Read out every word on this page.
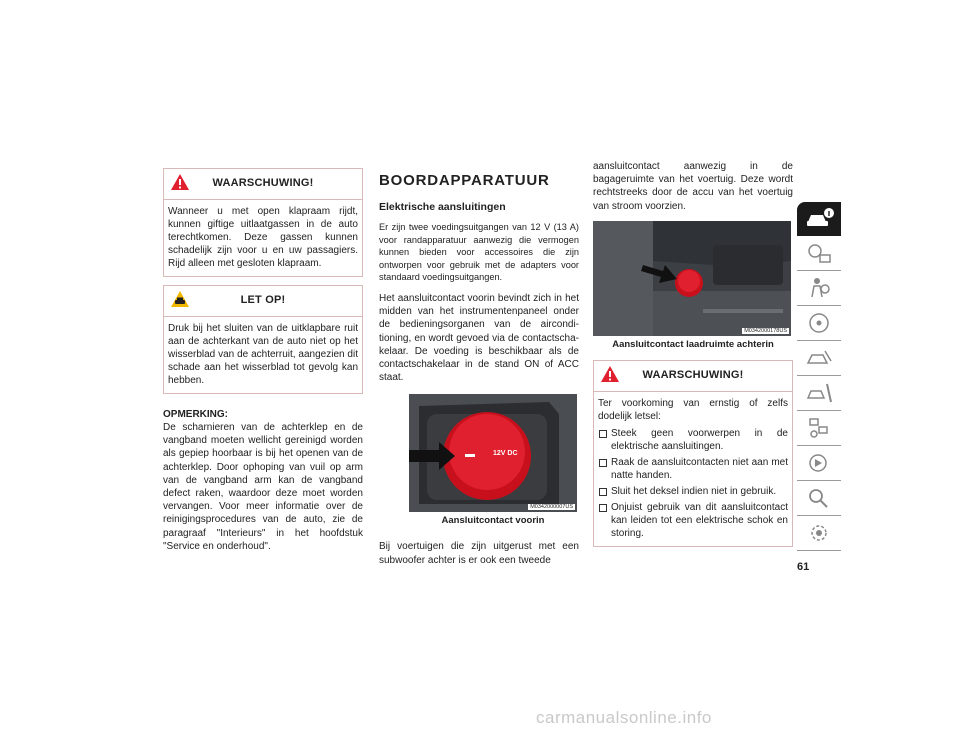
WAARSCHUWING!
Wanneer u met open klapraam rijdt, kunnen giftige uitlaatgassen in de auto terechtkomen. Deze gassen kunnen schadelijk zijn voor u en uw passagiers. Rijd alleen met gesloten klapraam.
LET OP!
Druk bij het sluiten van de uitklapbare ruit aan de achterkant van de auto niet op het wisserblad van de achterruit, aangezien dit schade aan het wisserblad tot gevolg kan hebben.
OPMERKING:
De scharnieren van de achterklep en de vangband moeten wellicht gereinigd worden als gepiep hoorbaar is bij het openen van de achterklep. Door ophoping van vuil op arm van de vangband arm kan de vangband defect raken, waardoor deze moet worden vervangen. Voor meer informatie over de reinigingsprocedures van de auto, zie de paragraaf "Interieurs" in het hoofdstuk "Service en onderhoud".
BOORDAPPARATUUR
Elektrische aansluitingen
Er zijn twee voedingsuitgangen van 12 V (13 A) voor randapparatuur aanwezig die vermogen kunnen bieden voor accessoires die zijn ontworpen voor gebruik met de adapters voor standaard voedingsuitgangen.
Het aansluitcontact voorin bevindt zich in het midden van het instrumentenpaneel onder de bedieningsorganen van de aircondi-tioning, en wordt gevoed via de contactscha-kelaar. De voeding is beschikbaar als de contactschakelaar in de stand ON of ACC staat.
12V DC
M0342000007US
Aansluitcontact voorin
Bij voertuigen die zijn uitgerust met een subwoofer achter is er ook een tweede
aansluitcontact aanwezig in de bagageruimte van het voertuig. Deze wordt rechtstreeks door de accu van het voertuig van stroom voorzien.
M0342000178US
Aansluitcontact laadruimte achterin
WAARSCHUWING!
Ter voorkoming van ernstig of zelfs dodelijk letsel:
Steek geen voorwerpen in de elektrische aansluitingen.
Raak de aansluitcontacten niet aan met natte handen.
Sluit het deksel indien niet in gebruik.
Onjuist gebruik van dit aansluitcontact kan leiden tot een elektrische schok en storing.
61
carmanualsonline.info
